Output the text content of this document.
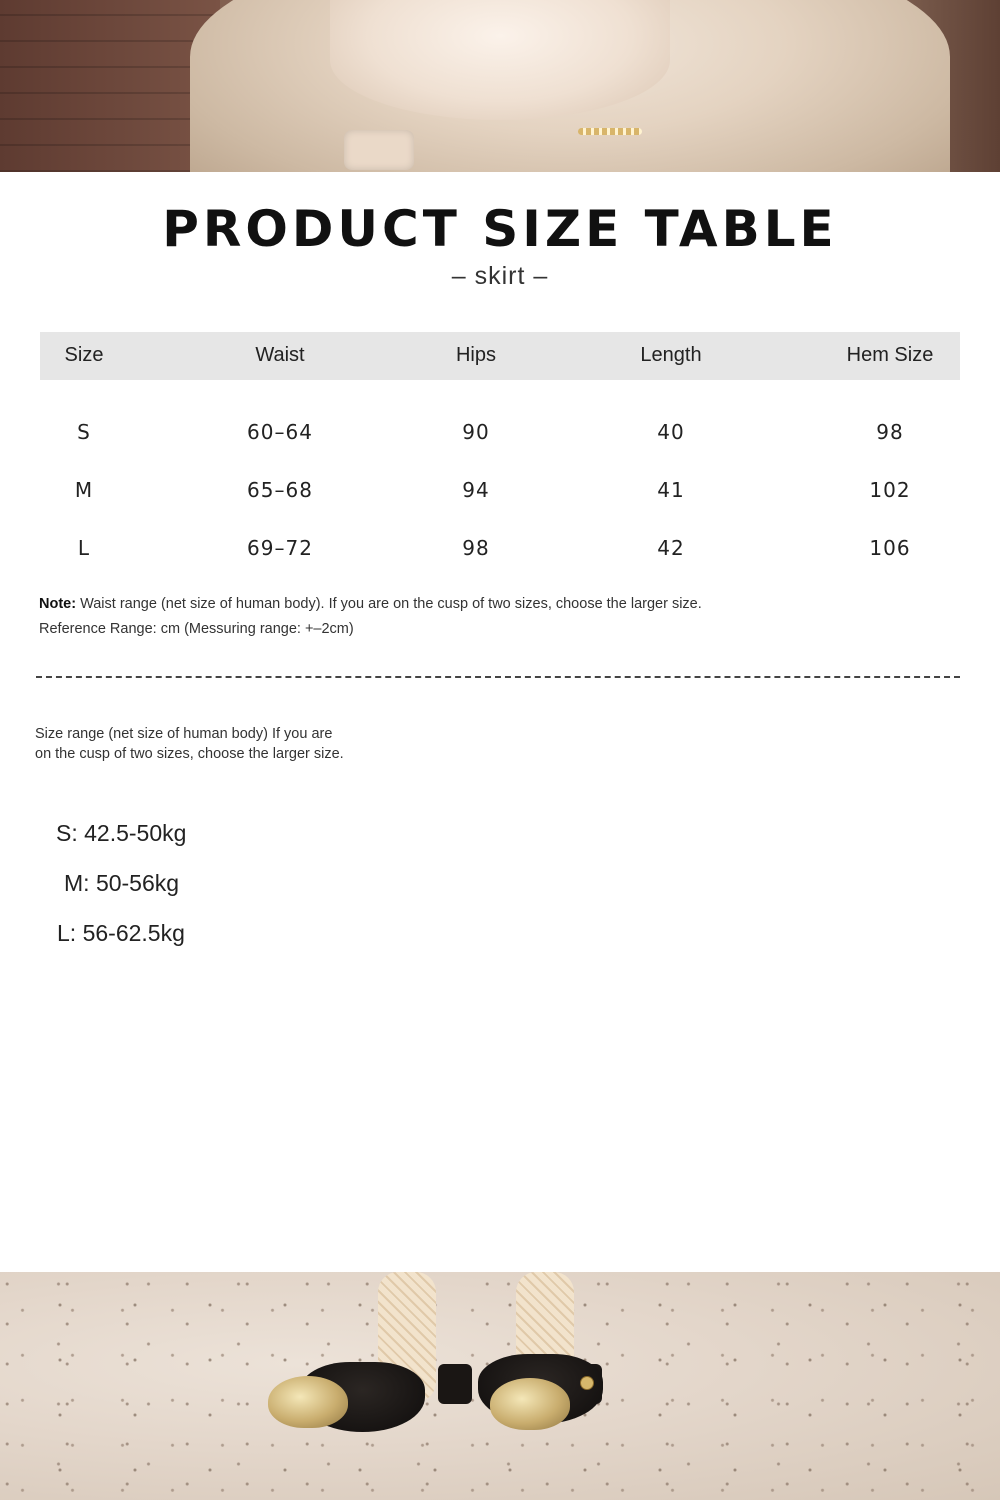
PRODUCT SIZE TABLE
– skirt –
Size	Waist	Hips	Length	Hem Size
S	60–64	90	40	98
M	65–68	94	41	102
L	69–72	98	42	106
Note: Waist range (net size of human body). If you are on the cusp of two sizes, choose the larger size.
Reference Range: cm (Messuring range: +–2cm)
Size range (net size of human body) If you are
on the cusp of two sizes, choose the larger size.
S: 42.5-50kg
M: 50-56kg
L: 56-62.5kg
